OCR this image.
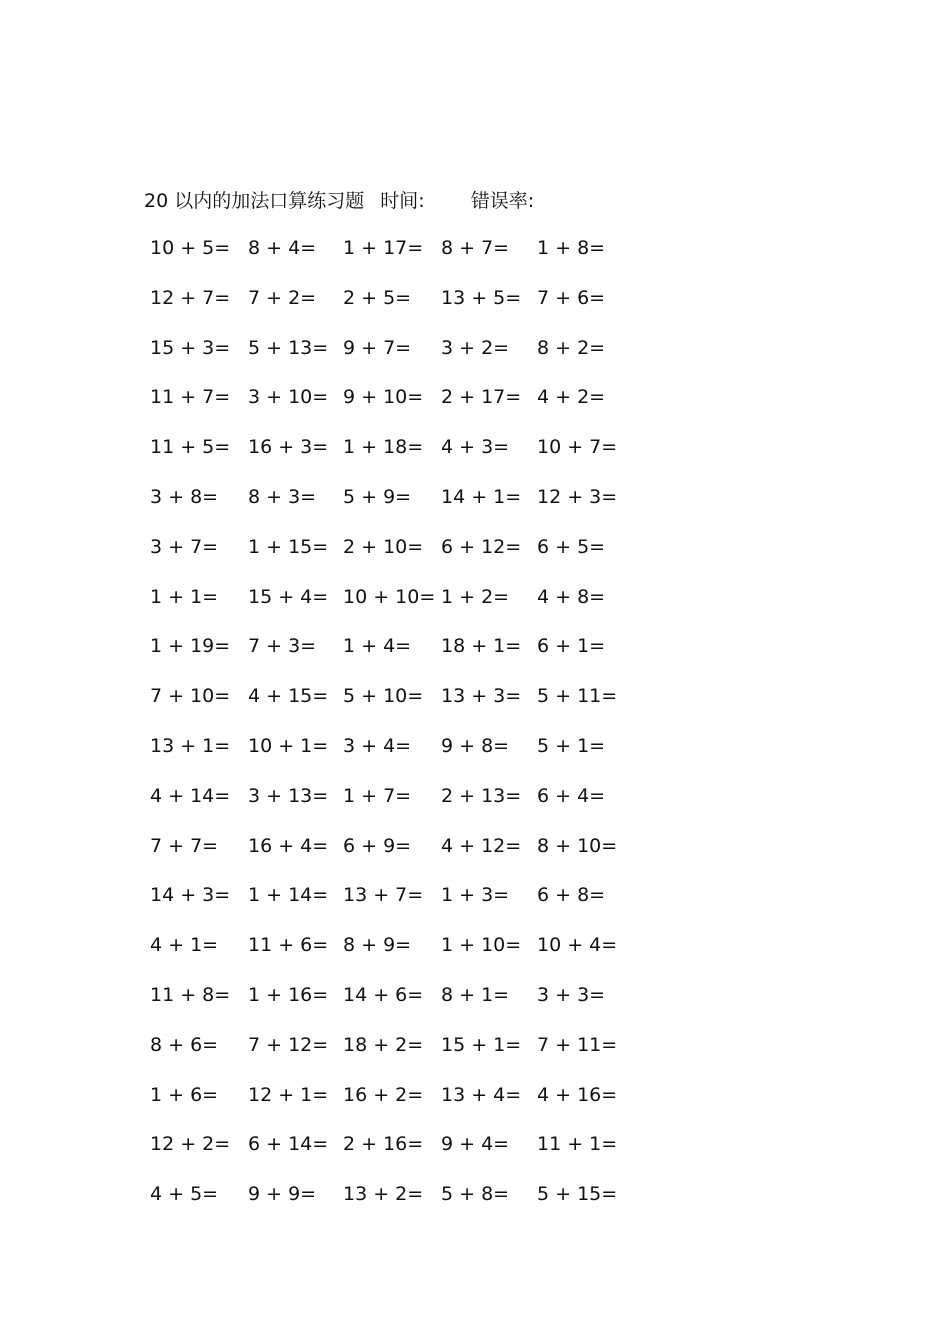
20 以内的加法口算练习题 时间: 错误率:
10 + 5= 8 + 4= 1 + 17= 8 + 7= 1 + 8=
12 + 7= 7 + 2= 2 + 5= 13 + 5= 7 + 6=
15 + 3= 5 + 13= 9 + 7= 3 + 2= 8 + 2=
11 + 7= 3 + 10= 9 + 10= 2 + 17= 4 + 2=
11 + 5= 16 + 3= 1 + 18= 4 + 3= 10 + 7=
3 + 8= 8 + 3= 5 + 9= 14 + 1= 12 + 3=
3 + 7= 1 + 15= 2 + 10= 6 + 12= 6 + 5=
1 + 1= 15 + 4= 10 + 10= 1 + 2= 4 + 8=
1 + 19= 7 + 3= 1 + 4= 18 + 1= 6 + 1=
7 + 10= 4 + 15= 5 + 10= 13 + 3= 5 + 11=
13 + 1= 10 + 1= 3 + 4= 9 + 8= 5 + 1=
4 + 14= 3 + 13= 1 + 7= 2 + 13= 6 + 4=
7 + 7= 16 + 4= 6 + 9= 4 + 12= 8 + 10=
14 + 3= 1 + 14= 13 + 7= 1 + 3= 6 + 8=
4 + 1= 11 + 6= 8 + 9= 1 + 10= 10 + 4=
11 + 8= 1 + 16= 14 + 6= 8 + 1= 3 + 3=
8 + 6= 7 + 12= 18 + 2= 15 + 1= 7 + 11=
1 + 6= 12 + 1= 16 + 2= 13 + 4= 4 + 16=
12 + 2= 6 + 14= 2 + 16= 9 + 4= 11 + 1=
4 + 5= 9 + 9= 13 + 2= 5 + 8= 5 + 15=
